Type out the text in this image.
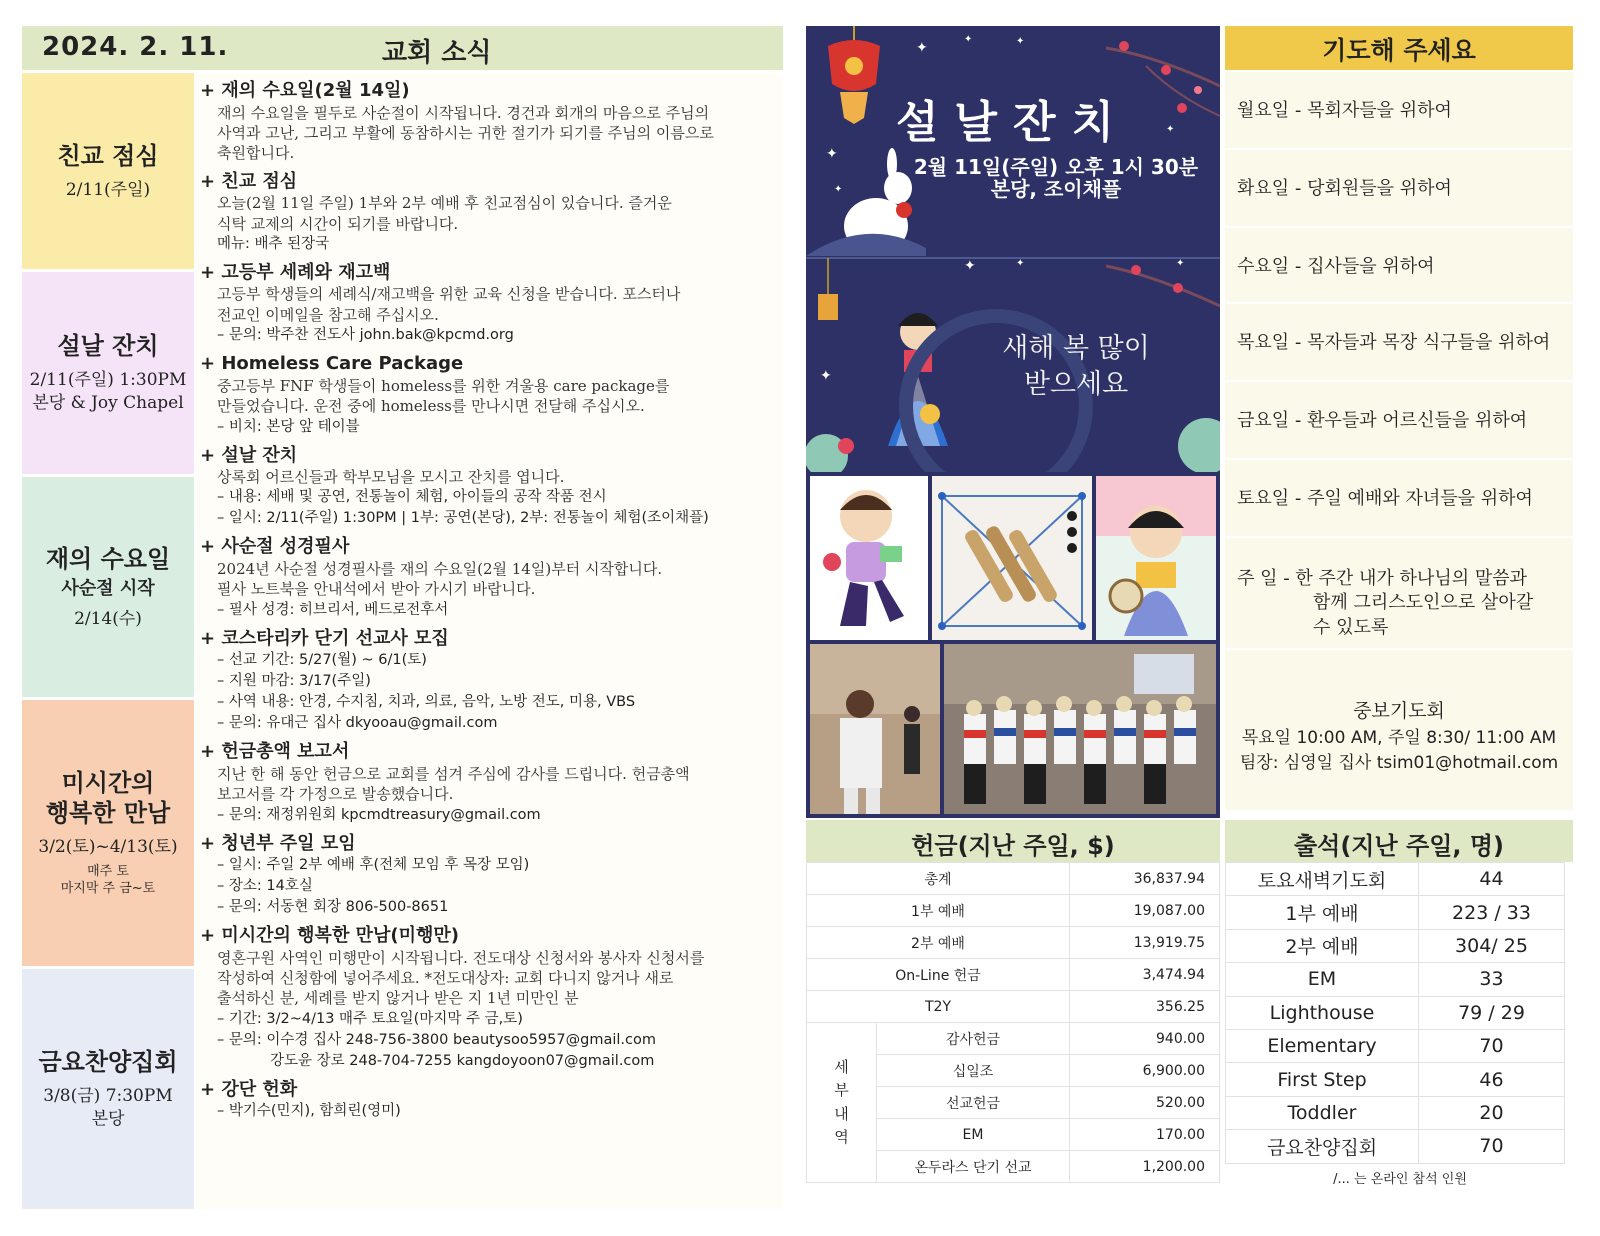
2024. 2. 11.	교회 소식
친교 점심
2/11(주일)
설날 잔치
2/11(주일) 1:30PM
본당 & Joy Chapel
재의 수요일
사순절 시작
2/14(수)
미시간의
행복한 만남
3/2(토)~4/13(토)
매주 토
마지막 주 금~토
금요찬양집회
3/8(금) 7:30PM
본당
+ 재의 수요일(2월 14일)
재의 수요일을 필두로 사순절이 시작됩니다. 경건과 회개의 마음으로 주님의
사역과 고난, 그리고 부활에 동참하시는 귀한 절기가 되기를 주님의 이름으로
축원합니다.
+ 친교 점심
오늘(2월 11일 주일) 1부와 2부 예배 후 친교점심이 있습니다. 즐거운
식탁 교제의 시간이 되기를 바랍니다.
메뉴: 배추 된장국
+ 고등부 세례와 재고백
고등부 학생들의 세례식/재고백을 위한 교육 신청을 받습니다. 포스터나
전교인 이메일을 참고해 주십시오.
– 문의: 박주찬 전도사 john.bak@kpcmd.org
+ Homeless Care Package
중고등부 FNF 학생들이 homeless를 위한 겨울용 care package를
만들었습니다. 운전 중에 homeless를 만나시면 전달해 주십시오.
– 비치: 본당 앞 테이블
+ 설날 잔치
상록회 어르신들과 학부모님을 모시고 잔치를 엽니다.
– 내용: 세배 및 공연, 전통놀이 체험, 아이들의 공작 작품 전시
– 일시: 2/11(주일) 1:30PM | 1부: 공연(본당), 2부: 전통놀이 체험(조이채플)
+ 사순절 성경필사
2024년 사순절 성경필사를 재의 수요일(2월 14일)부터 시작합니다.
필사 노트북을 안내석에서 받아 가시기 바랍니다.
– 필사 성경: 히브리서, 베드로전후서
+ 코스타리카 단기 선교사 모집
– 선교 기간: 5/27(월) ~ 6/1(토)
– 지원 마감: 3/17(주일)
– 사역 내용: 안경, 수지침, 치과, 의료, 음악, 노방 전도, 미용, VBS
– 문의: 유대근 집사 dkyooau@gmail.com
+ 헌금총액 보고서
지난 한 해 동안 헌금으로 교회를 섬겨 주심에 감사를 드립니다. 헌금총액
보고서를 각 가정으로 발송했습니다.
– 문의: 재정위원회 kpcmdtreasury@gmail.com
+ 청년부 주일 모임
– 일시: 주일 2부 예배 후(전체 모임 후 목장 모임)
– 장소: 14호실
– 문의: 서동현 회장 806-500-8651
+ 미시간의 행복한 만남(미행만)
영혼구원 사역인 미행만이 시작됩니다. 전도대상 신청서와 봉사자 신청서를
작성하여 신청함에 넣어주세요. *전도대상자: 교회 다니지 않거나 새로
출석하신 분, 세례를 받지 않거나 받은 지 1년 미만인 분
– 기간: 3/2~4/13 매주 토요일(마지막 주 금,토)
– 문의: 이수경 집사 248-756-3800 beautysoo5957@gmail.com
강도윤 장로 248-704-7255 kangdoyoon07@gmail.com
+ 강단 헌화
– 박기수(민지), 함희린(영미)
✦
✦	✦
✦
✦
✦
✦	✦
✦
✦
설날잔치
2월 11일(주일) 오후 1시 30분
본당, 조이채플
새해 복 많이
받으세요
헌금(지난 주일, $)
총계		36,837.94
1부 예배		19,087.00
2부 예배		13,919.75
On-Line 헌금		3,474.94
T2Y		356.25

세
부
내
역	감사헌금	940.00
	십일조	6,900.00
	선교헌금	520.00
	EM	170.00
	온두라스 단기 선교	1,200.00
출석(지난 주일, 명)
토요새벽기도회	44
1부 예배	223 / 33
2부 예배	304/ 25
EM	33
Lighthouse	79 / 29
Elementary	70
First Step	46
Toddler	20
금요찬양집회	70
/... 는 온라인 참석 인원
기도해 주세요
주 일 - 한 주간 내가 하나님의 말씀과
함께 그리스도인으로 살아갈
수 있도록
중보기도회
목요일 10:00 AM, 주일 8:30/ 11:00 AM
팀장: 심영일 집사 tsim01@hotmail.com
월요일 - 목회자들을 위하여
화요일 - 당회원들을 위하여
수요일 - 집사들을 위하여
목요일 - 목자들과 목장 식구들을 위하여
금요일 - 환우들과 어르신들을 위하여
토요일 - 주일 예배와 자녀들을 위하여
